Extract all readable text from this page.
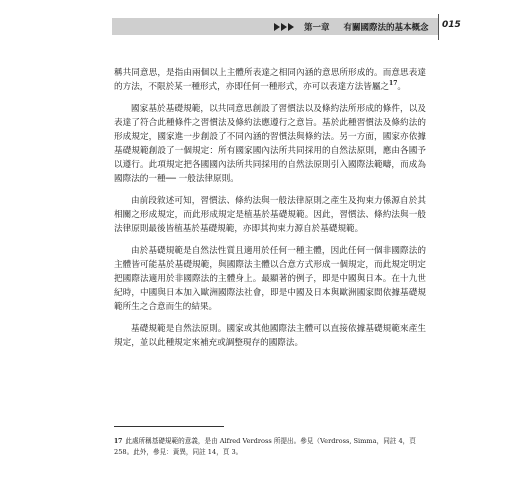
第一章 有關國際法的基本概念 015

稱共同意思，是指由兩個以上主體所表達之相同內涵的意思所形成的。而意思表達的方法，不限於某一種形式，亦即任何一種形式，亦可以表達方法皆屬之$^{17}$。

國家基於基礎規範，以共同意思創設了習慣法以及條約法所形成的條件，以及表達了符合此種條件之習慣法及條約法應遵行之意旨。基於此種習慣法及條約法的形成規定，國家進一步創設了不同內涵的習慣法與條約法。另一方面，國家亦依據基礎規範創設了一個規定：所有國家國內法所共同採用的自然法原則，應由各國予以遵行。此項規定把各國國內法所共同採用的自然法原則引入國際法範疇，而成為國際法的一種── 一般法律原則。

由前段敘述可知，習慣法、條約法與一般法律原則之產生及拘束力係源自於其相關之形成規定，而此形成規定是植基於基礎規範。因此，習慣法、條約法與一般法律原則最後皆植基於基礎規範，亦即其拘束力源自於基礎規範。

由於基礎規範是自然法性質且適用於任何一種主體，因此任何一個非國際法的主體皆可能基於基礎規範，與國際法主體以合意方式形成一個規定，而此規定明定把國際法適用於非國際法的主體身上。最顯著的例子，即是中國與日本。在十九世紀時，中國與日本加入歐洲國際法社會，即是中國及日本與歐洲國家間依據基礎規範所生之合意而生的結果。

基礎規範是自然法原則。國家或其他國際法主體可以直接依據基礎規範來產生規定，並以此種規定來補充或調整現存的國際法。

17 此處所稱基礎規範的意義，是由 Alfred Verdross 所提出。參見（Verdross, Simma，同註 4，頁 258。此外，參見：黃異，同註 14，頁 3。
